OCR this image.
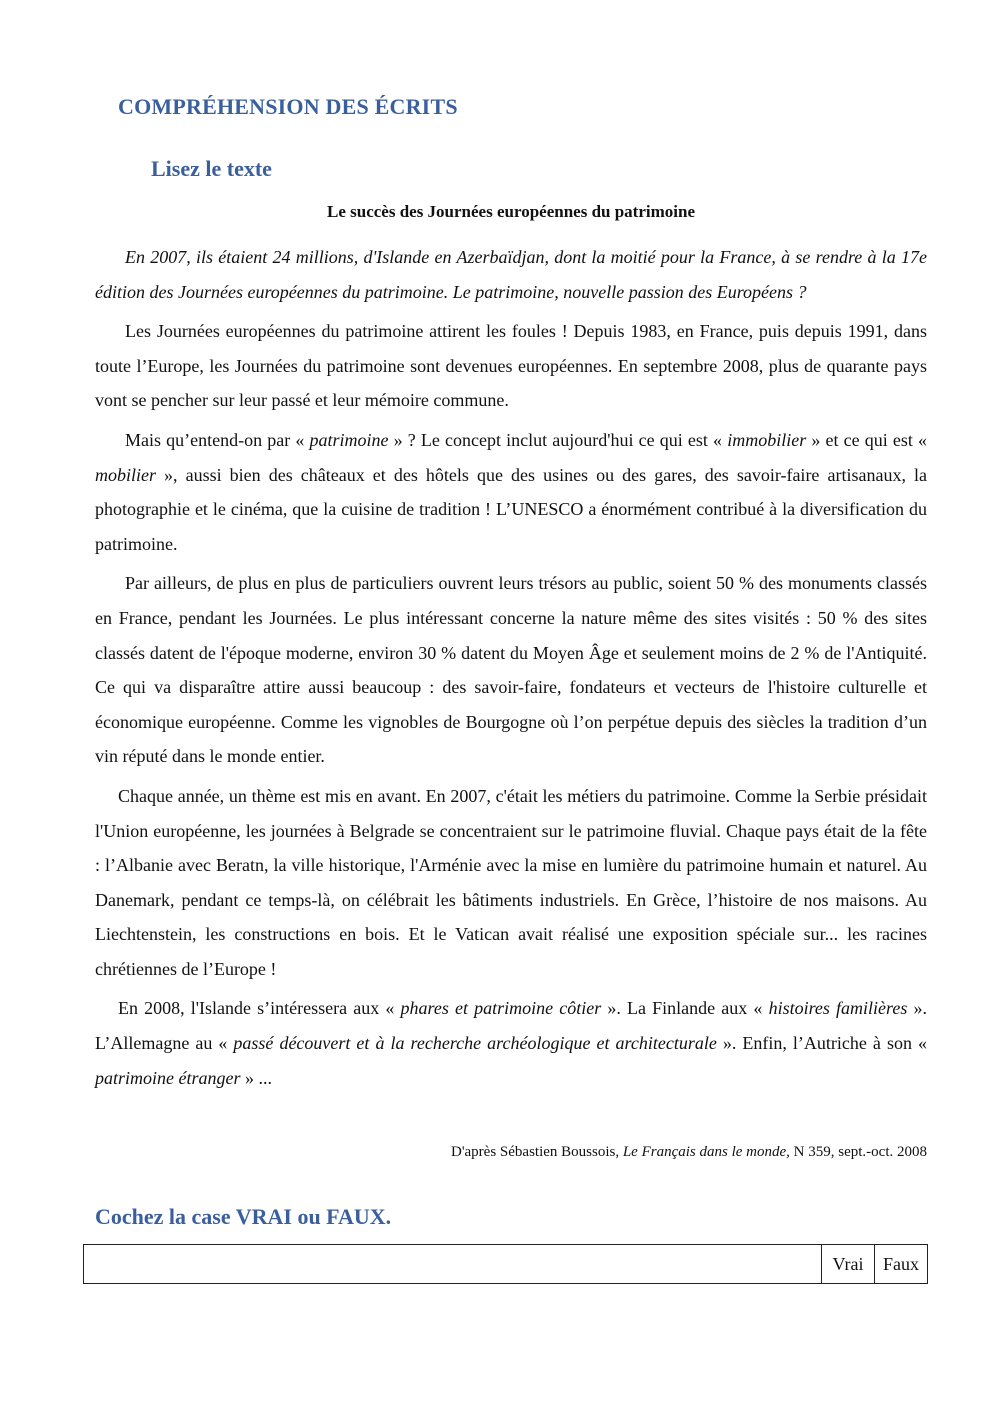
COMPRÉHENSION DES ÉCRITS
Lisez le texte
Le succès des Journées européennes du patrimoine

En 2007, ils étaient 24 millions, d'Islande en Azerbaïdjan, dont la moitié pour la France, à se rendre à la 17e édition des Journées européennes du patrimoine. Le patrimoine, nouvelle passion des Européens ?

Les Journées européennes du patrimoine attirent les foules ! Depuis 1983, en France, puis depuis 1991, dans toute l’Europe, les Journées du patrimoine sont devenues européennes. En septembre 2008, plus de quarante pays vont se pencher sur leur passé et leur mémoire commune.

Mais qu’entend-on par « patrimoine » ? Le concept inclut aujourd'hui ce qui est « immobilier » et ce qui est « mobilier », aussi bien des châteaux et des hôtels que des usines ou des gares, des savoir-faire artisanaux, la photographie et le cinéma, que la cuisine de tradition ! L’UNESCO a énormément contribué à la diversification du patrimoine.

Par ailleurs, de plus en plus de particuliers ouvrent leurs trésors au public, soient 50 % des monuments classés en France, pendant les Journées. Le plus intéressant concerne la nature même des sites visités : 50 % des sites classés datent de l'époque moderne, environ 30 % datent du Moyen Âge et seulement moins de 2 % de l'Antiquité. Ce qui va disparaître attire aussi beaucoup : des savoir-faire, fondateurs et vecteurs de l'histoire culturelle et économique européenne. Comme les vignobles de Bourgogne où l’on perpétue depuis des siècles la tradition d’un vin réputé dans le monde entier.

Chaque année, un thème est mis en avant. En 2007, c'était les métiers du patrimoine. Comme la Serbie présidait l'Union européenne, les journées à Belgrade se concentraient sur le patrimoine fluvial. Chaque pays était de la fête : l’Albanie avec Beratn, la ville historique, l'Arménie avec la mise en lumière du patrimoine humain et naturel. Au Danemark, pendant ce temps-là, on célébrait les bâtiments industriels. En Grèce, l’histoire de nos maisons. Au Liechtenstein, les constructions en bois. Et le Vatican avait réalisé une exposition spéciale sur... les racines chrétiennes de l’Europe !

En 2008, l'Islande s’intéressera aux « phares et patrimoine côtier ». La Finlande aux « histoires familières ». L’Allemagne au « passé découvert et à la recherche archéologique et architecturale ». Enfin, l’Autriche à son « patrimoine étranger » ...

D'après Sébastien Boussois, Le Français dans le monde, N 359, sept.-oct. 2008
Cochez la case VRAI ou FAUX.
	Vrai	Faux
